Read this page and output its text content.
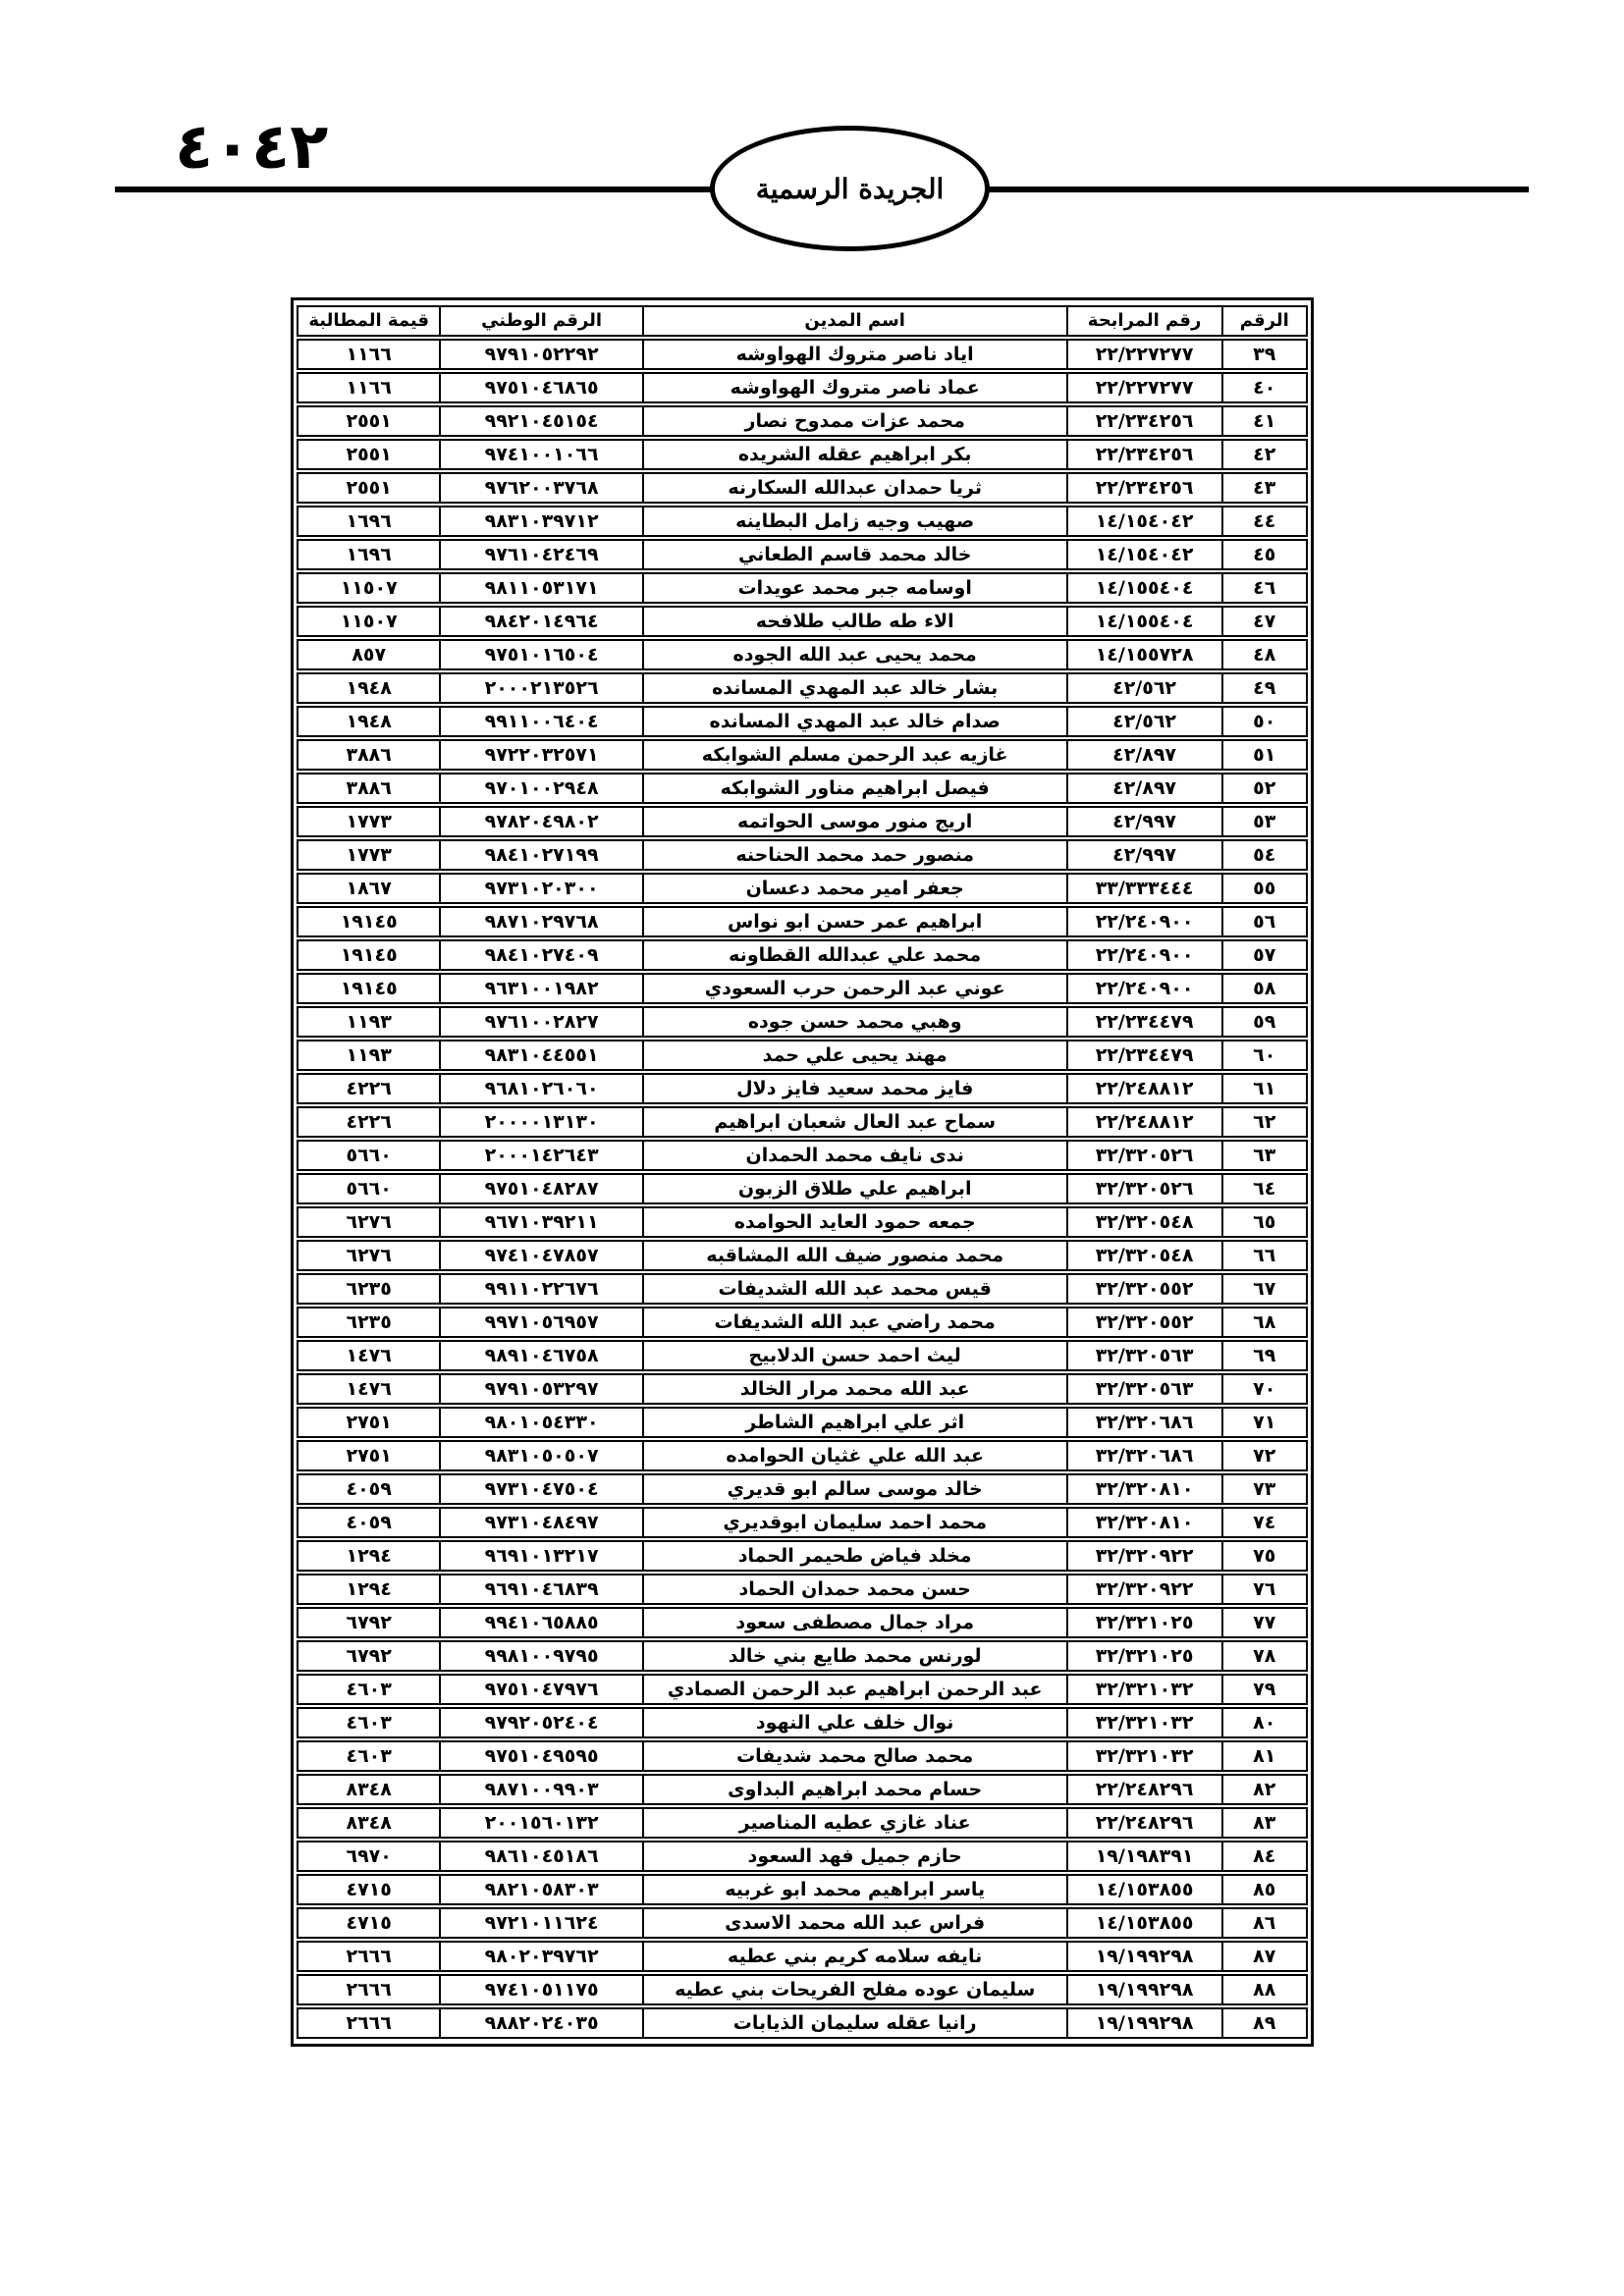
٤٠٤٢
الجريدة الرسمية
الرقم	رقم المرابحة	اسم المدين	الرقم الوطني	قيمة المطالبة
٣٩	٢٢/٢٢٧٢٧٧	اياد ناصر متروك الهواوشه	٩٧٩١٠٥٢٢٩٢	١١٦٦
٤٠	٢٢/٢٢٧٢٧٧	عماد ناصر متروك الهواوشه	٩٧٥١٠٤٦٨٦٥	١١٦٦
٤١	٢٢/٢٣٤٢٥٦	محمد عزات ممدوح نصار	٩٩٢١٠٤٥١٥٤	٢٥٥١
٤٢	٢٢/٢٣٤٢٥٦	بكر ابراهيم عقله الشريده	٩٧٤١٠٠١٠٦٦	٢٥٥١
٤٣	٢٢/٢٣٤٢٥٦	ثريا حمدان عبدالله السكارنه	٩٧٦٢٠٠٣٧٦٨	٢٥٥١
٤٤	١٤/١٥٤٠٤٢	صهيب وجيه زامل البطاينه	٩٨٣١٠٣٩٧١٢	١٦٩٦
٤٥	١٤/١٥٤٠٤٢	خالد محمد قاسم الطعاني	٩٧٦١٠٤٢٤٦٩	١٦٩٦
٤٦	١٤/١٥٥٤٠٤	اوسامه جبر محمد عويدات	٩٨١١٠٥٣١٧١	١١٥٠٧
٤٧	١٤/١٥٥٤٠٤	الاء طه طالب طلافحه	٩٨٤٢٠١٤٩٦٤	١١٥٠٧
٤٨	١٤/١٥٥٧٢٨	محمد يحيى عبد الله الجوده	٩٧٥١٠١٦٥٠٤	٨٥٧
٤٩	٤٢/٥٦٢	بشار خالد عبد المهدي المسانده	٢٠٠٠٢١٣٥٢٦	١٩٤٨
٥٠	٤٢/٥٦٢	صدام خالد عبد المهدي المسانده	٩٩١١٠٠٦٤٠٤	١٩٤٨
٥١	٤٢/٨٩٧	غازيه عبد الرحمن مسلم الشوابكه	٩٧٢٢٠٣٢٥٧١	٣٨٨٦
٥٢	٤٢/٨٩٧	فيصل ابراهيم مناور الشوابكه	٩٧٠١٠٠٢٩٤٨	٣٨٨٦
٥٣	٤٢/٩٩٧	اريج منور موسى الحواتمه	٩٧٨٢٠٤٩٨٠٢	١٧٧٣
٥٤	٤٢/٩٩٧	منصور حمد محمد الحناحنه	٩٨٤١٠٢٧١٩٩	١٧٧٣
٥٥	٣٣/٣٣٣٤٤٤	جعفر امير محمد دعسان	٩٧٣١٠٢٠٣٠٠	١٨٦٧
٥٦	٢٢/٢٤٠٩٠٠	ابراهيم عمر حسن ابو نواس	٩٨٧١٠٢٩٧٦٨	١٩١٤٥
٥٧	٢٢/٢٤٠٩٠٠	محمد علي عبدالله القطاونه	٩٨٤١٠٢٧٤٠٩	١٩١٤٥
٥٨	٢٢/٢٤٠٩٠٠	عوني عبد الرحمن حرب السعودي	٩٦٣١٠٠١٩٨٢	١٩١٤٥
٥٩	٢٢/٢٣٤٤٧٩	وهبي محمد حسن جوده	٩٧٦١٠٠٢٨٢٧	١١٩٣
٦٠	٢٢/٢٣٤٤٧٩	مهند يحيى علي حمد	٩٨٣١٠٤٤٥٥١	١١٩٣
٦١	٢٢/٢٤٨٨١٢	فايز محمد سعيد فايز دلال	٩٦٨١٠٢٦٠٦٠	٤٢٢٦
٦٢	٢٢/٢٤٨٨١٢	سماح عبد العال شعبان ابراهيم	٢٠٠٠٠١٣١٣٠	٤٢٢٦
٦٣	٣٢/٣٢٠٥٢٦	ندى نايف محمد الحمدان	٢٠٠٠١٤٢٦٤٣	٥٦٦٠
٦٤	٣٢/٣٢٠٥٢٦	ابراهيم علي طلاق الزبون	٩٧٥١٠٤٨٢٨٧	٥٦٦٠
٦٥	٣٢/٣٢٠٥٤٨	جمعه حمود العايد الحوامده	٩٦٧١٠٣٩٢١١	٦٢٧٦
٦٦	٣٢/٣٢٠٥٤٨	محمد منصور ضيف الله المشاقبه	٩٧٤١٠٤٧٨٥٧	٦٢٧٦
٦٧	٣٢/٣٢٠٥٥٢	قيس محمد عبد الله الشديفات	٩٩١١٠٢٢٦٧٦	٦٢٣٥
٦٨	٣٢/٣٢٠٥٥٢	محمد راضي عبد الله الشديفات	٩٩٧١٠٥٦٩٥٧	٦٢٣٥
٦٩	٣٢/٣٢٠٥٦٣	ليث احمد حسن الدلابيح	٩٨٩١٠٤٦٧٥٨	١٤٧٦
٧٠	٣٢/٣٢٠٥٦٣	عبد الله محمد مرار الخالد	٩٧٩١٠٥٣٢٩٧	١٤٧٦
٧١	٣٢/٣٢٠٦٨٦	اثر علي ابراهيم الشاطر	٩٨٠١٠٥٤٣٣٠	٢٧٥١
٧٢	٣٢/٣٢٠٦٨٦	عبد الله علي غثيان الحوامده	٩٨٣١٠٥٠٥٠٧	٢٧٥١
٧٣	٣٢/٣٢٠٨١٠	خالد موسى سالم ابو قديري	٩٧٣١٠٤٧٥٠٤	٤٠٥٩
٧٤	٣٢/٣٢٠٨١٠	محمد احمد سليمان ابوقديري	٩٧٣١٠٤٨٤٩٧	٤٠٥٩
٧٥	٣٢/٣٢٠٩٢٢	مخلد فياض طحيمر الحماد	٩٦٩١٠١٣٢١٧	١٢٩٤
٧٦	٣٢/٣٢٠٩٢٢	حسن محمد حمدان الحماد	٩٦٩١٠٤٦٨٣٩	١٢٩٤
٧٧	٣٢/٣٢١٠٢٥	مراد جمال مصطفى سعود	٩٩٤١٠٦٥٨٨٥	٦٧٩٢
٧٨	٣٢/٣٢١٠٢٥	لورنس محمد طايع بني خالد	٩٩٨١٠٠٩٧٩٥	٦٧٩٢
٧٩	٣٢/٣٢١٠٣٢	عبد الرحمن ابراهيم عبد الرحمن الصمادي	٩٧٥١٠٤٧٩٧٦	٤٦٠٣
٨٠	٣٢/٣٢١٠٣٢	نوال خلف علي النهود	٩٧٩٢٠٥٢٤٠٤	٤٦٠٣
٨١	٣٢/٣٢١٠٣٢	محمد صالح محمد شديفات	٩٧٥١٠٤٩٥٩٥	٤٦٠٣
٨٢	٢٢/٢٤٨٢٩٦	حسام محمد ابراهيم البداوى	٩٨٧١٠٠٩٩٠٣	٨٣٤٨
٨٣	٢٢/٢٤٨٢٩٦	عناد غازي عطيه المناصير	٢٠٠١٥٦٠١٣٢	٨٣٤٨
٨٤	١٩/١٩٨٣٩١	حازم جميل فهد السعود	٩٨٦١٠٤٥١٨٦	٦٩٧٠
٨٥	١٤/١٥٣٨٥٥	ياسر ابراهيم محمد ابو غربيه	٩٨٢١٠٥٨٣٠٣	٤٧١٥
٨٦	١٤/١٥٣٨٥٥	فراس عبد الله محمد الاسدى	٩٧٢١٠١١٦٢٤	٤٧١٥
٨٧	١٩/١٩٩٢٩٨	نايفه سلامه كريم بني عطيه	٩٨٠٢٠٣٩٧٦٢	٢٦٦٦
٨٨	١٩/١٩٩٢٩٨	سليمان عوده مفلح الفريحات بني عطيه	٩٧٤١٠٥١١٧٥	٢٦٦٦
٨٩	١٩/١٩٩٢٩٨	رانيا عقله سليمان الذيابات	٩٨٨٢٠٢٤٠٣٥	٢٦٦٦
